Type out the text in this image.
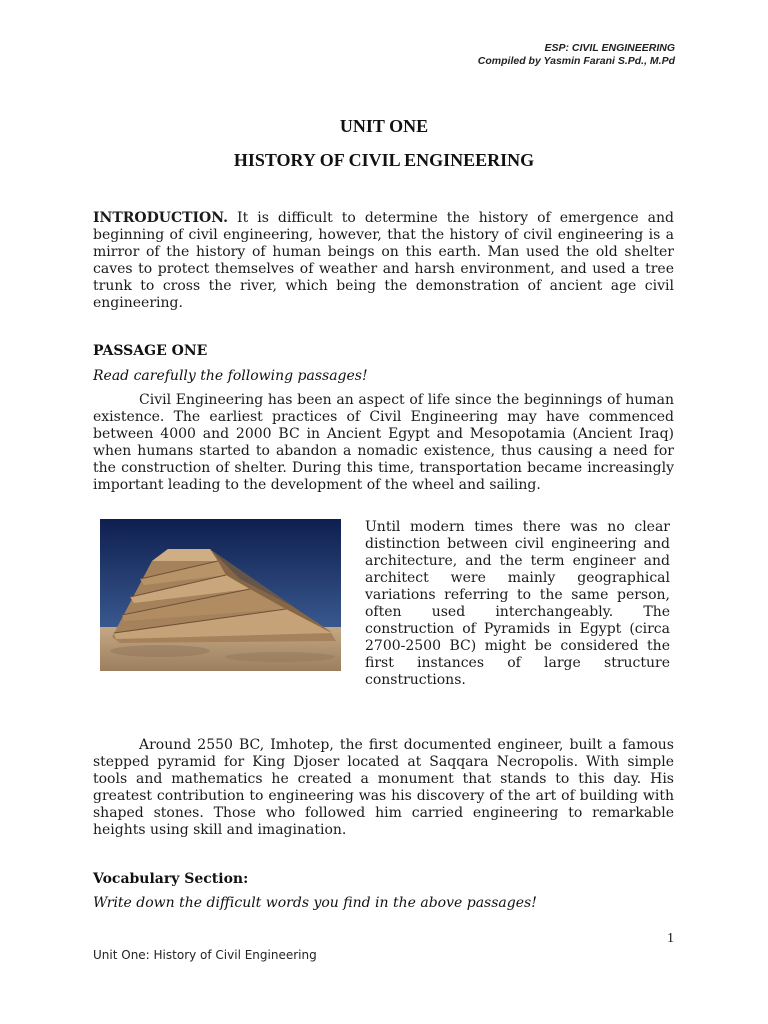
ESP: CIVIL ENGINEERING
Compiled by Yasmin Farani S.Pd., M.Pd
UNIT ONE
HISTORY OF CIVIL ENGINEERING
INTRODUCTION. It is difficult to determine the history of emergence and beginning of civil engineering, however, that the history of civil engineering is a mirror of the history of human beings on this earth. Man used the old shelter caves to protect themselves of weather and harsh environment, and used a tree trunk to cross the river, which being the demonstration of ancient age civil engineering.
PASSAGE ONE
Read carefully the following passages!
Civil Engineering has been an aspect of life since the beginnings of human existence. The earliest practices of Civil Engineering may have commenced between 4000 and 2000 BC in Ancient Egypt and Mesopotamia (Ancient Iraq) when humans started to abandon a nomadic existence, thus causing a need for the construction of shelter. During this time, transportation became increasingly important leading to the development of the wheel and sailing.
Until modern times there was no clear distinction between civil engineering and architecture, and the term engineer and architect were mainly geographical variations referring to the same person, often used interchangeably. The construction of Pyramids in Egypt (circa 2700-2500 BC) might be considered the first instances of large structure constructions.
Around 2550 BC, Imhotep, the first documented engineer, built a famous stepped pyramid for King Djoser located at Saqqara Necropolis. With simple tools and mathematics he created a monument that stands to this day. His greatest contribution to engineering was his discovery of the art of building with shaped stones. Those who followed him carried engineering to remarkable heights using skill and imagination.
Vocabulary Section:
Write down the difficult words you find in the above passages!
1
Unit One: History of Civil Engineering
